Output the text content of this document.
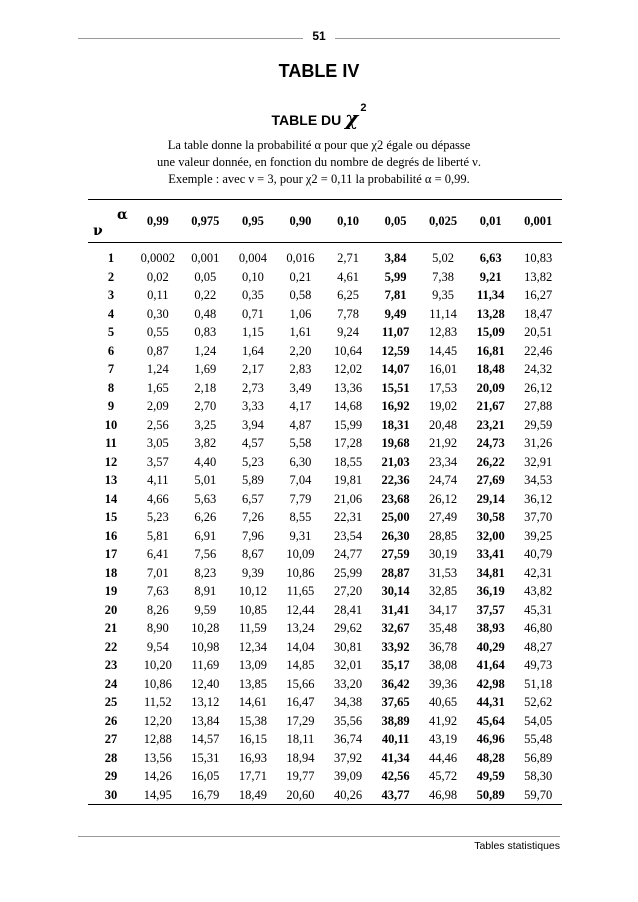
51
TABLE IV
TABLE DU χ $^2$
La table donne la probabilité α pour que χ2 égale ou dépasse
une valeur donnée, en fonction du nombre de degrés de liberté ν.
Exemple : avec ν = 3, pour χ2 = 0,11 la probabilité α = 0,99.
α
ν	0,99	0,975	0,95	0,90	0,10	0,05	0,025	0,01	0,001
1	0,0002	0,001	0,004	0,016	2,71	3,84	5,02	6,63	10,83
2	0,02	0,05	0,10	0,21	4,61	5,99	7,38	9,21	13,82
3	0,11	0,22	0,35	0,58	6,25	7,81	9,35	11,34	16,27
4	0,30	0,48	0,71	1,06	7,78	9,49	11,14	13,28	18,47
5	0,55	0,83	1,15	1,61	9,24	11,07	12,83	15,09	20,51
6	0,87	1,24	1,64	2,20	10,64	12,59	14,45	16,81	22,46
7	1,24	1,69	2,17	2,83	12,02	14,07	16,01	18,48	24,32
8	1,65	2,18	2,73	3,49	13,36	15,51	17,53	20,09	26,12
9	2,09	2,70	3,33	4,17	14,68	16,92	19,02	21,67	27,88
10	2,56	3,25	3,94	4,87	15,99	18,31	20,48	23,21	29,59
11	3,05	3,82	4,57	5,58	17,28	19,68	21,92	24,73	31,26
12	3,57	4,40	5,23	6,30	18,55	21,03	23,34	26,22	32,91
13	4,11	5,01	5,89	7,04	19,81	22,36	24,74	27,69	34,53
14	4,66	5,63	6,57	7,79	21,06	23,68	26,12	29,14	36,12
15	5,23	6,26	7,26	8,55	22,31	25,00	27,49	30,58	37,70
16	5,81	6,91	7,96	9,31	23,54	26,30	28,85	32,00	39,25
17	6,41	7,56	8,67	10,09	24,77	27,59	30,19	33,41	40,79
18	7,01	8,23	9,39	10,86	25,99	28,87	31,53	34,81	42,31
19	7,63	8,91	10,12	11,65	27,20	30,14	32,85	36,19	43,82
20	8,26	9,59	10,85	12,44	28,41	31,41	34,17	37,57	45,31
21	8,90	10,28	11,59	13,24	29,62	32,67	35,48	38,93	46,80
22	9,54	10,98	12,34	14,04	30,81	33,92	36,78	40,29	48,27
23	10,20	11,69	13,09	14,85	32,01	35,17	38,08	41,64	49,73
24	10,86	12,40	13,85	15,66	33,20	36,42	39,36	42,98	51,18
25	11,52	13,12	14,61	16,47	34,38	37,65	40,65	44,31	52,62
26	12,20	13,84	15,38	17,29	35,56	38,89	41,92	45,64	54,05
27	12,88	14,57	16,15	18,11	36,74	40,11	43,19	46,96	55,48
28	13,56	15,31	16,93	18,94	37,92	41,34	44,46	48,28	56,89
29	14,26	16,05	17,71	19,77	39,09	42,56	45,72	49,59	58,30
30	14,95	16,79	18,49	20,60	40,26	43,77	46,98	50,89	59,70
Tables statistiques
